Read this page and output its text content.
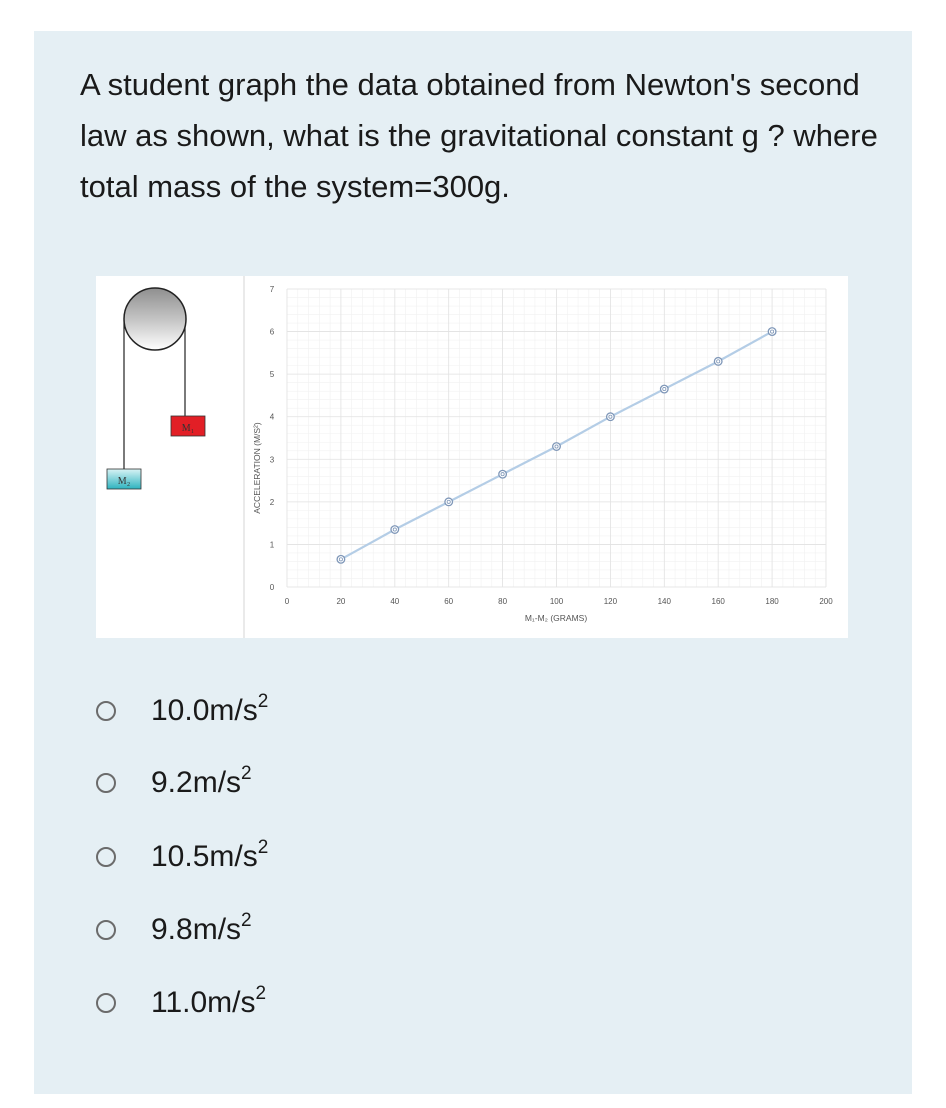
A student graph the data obtained from Newton's second law as shown, what is the gravitational constant g ? where total mass of the system=300g.
M₁
M₂
0
1
2
3
4
5
6
7
0	20	40	60	80	100	120	140	160	180	200
ACCELERATION (M/S²)
M₁-M₂ (GRAMS)
$10.0m/s^2$
$9.2m/s^2$
$10.5m/s^2$
$9.8m/s^2$
$11.0m/s^2$
